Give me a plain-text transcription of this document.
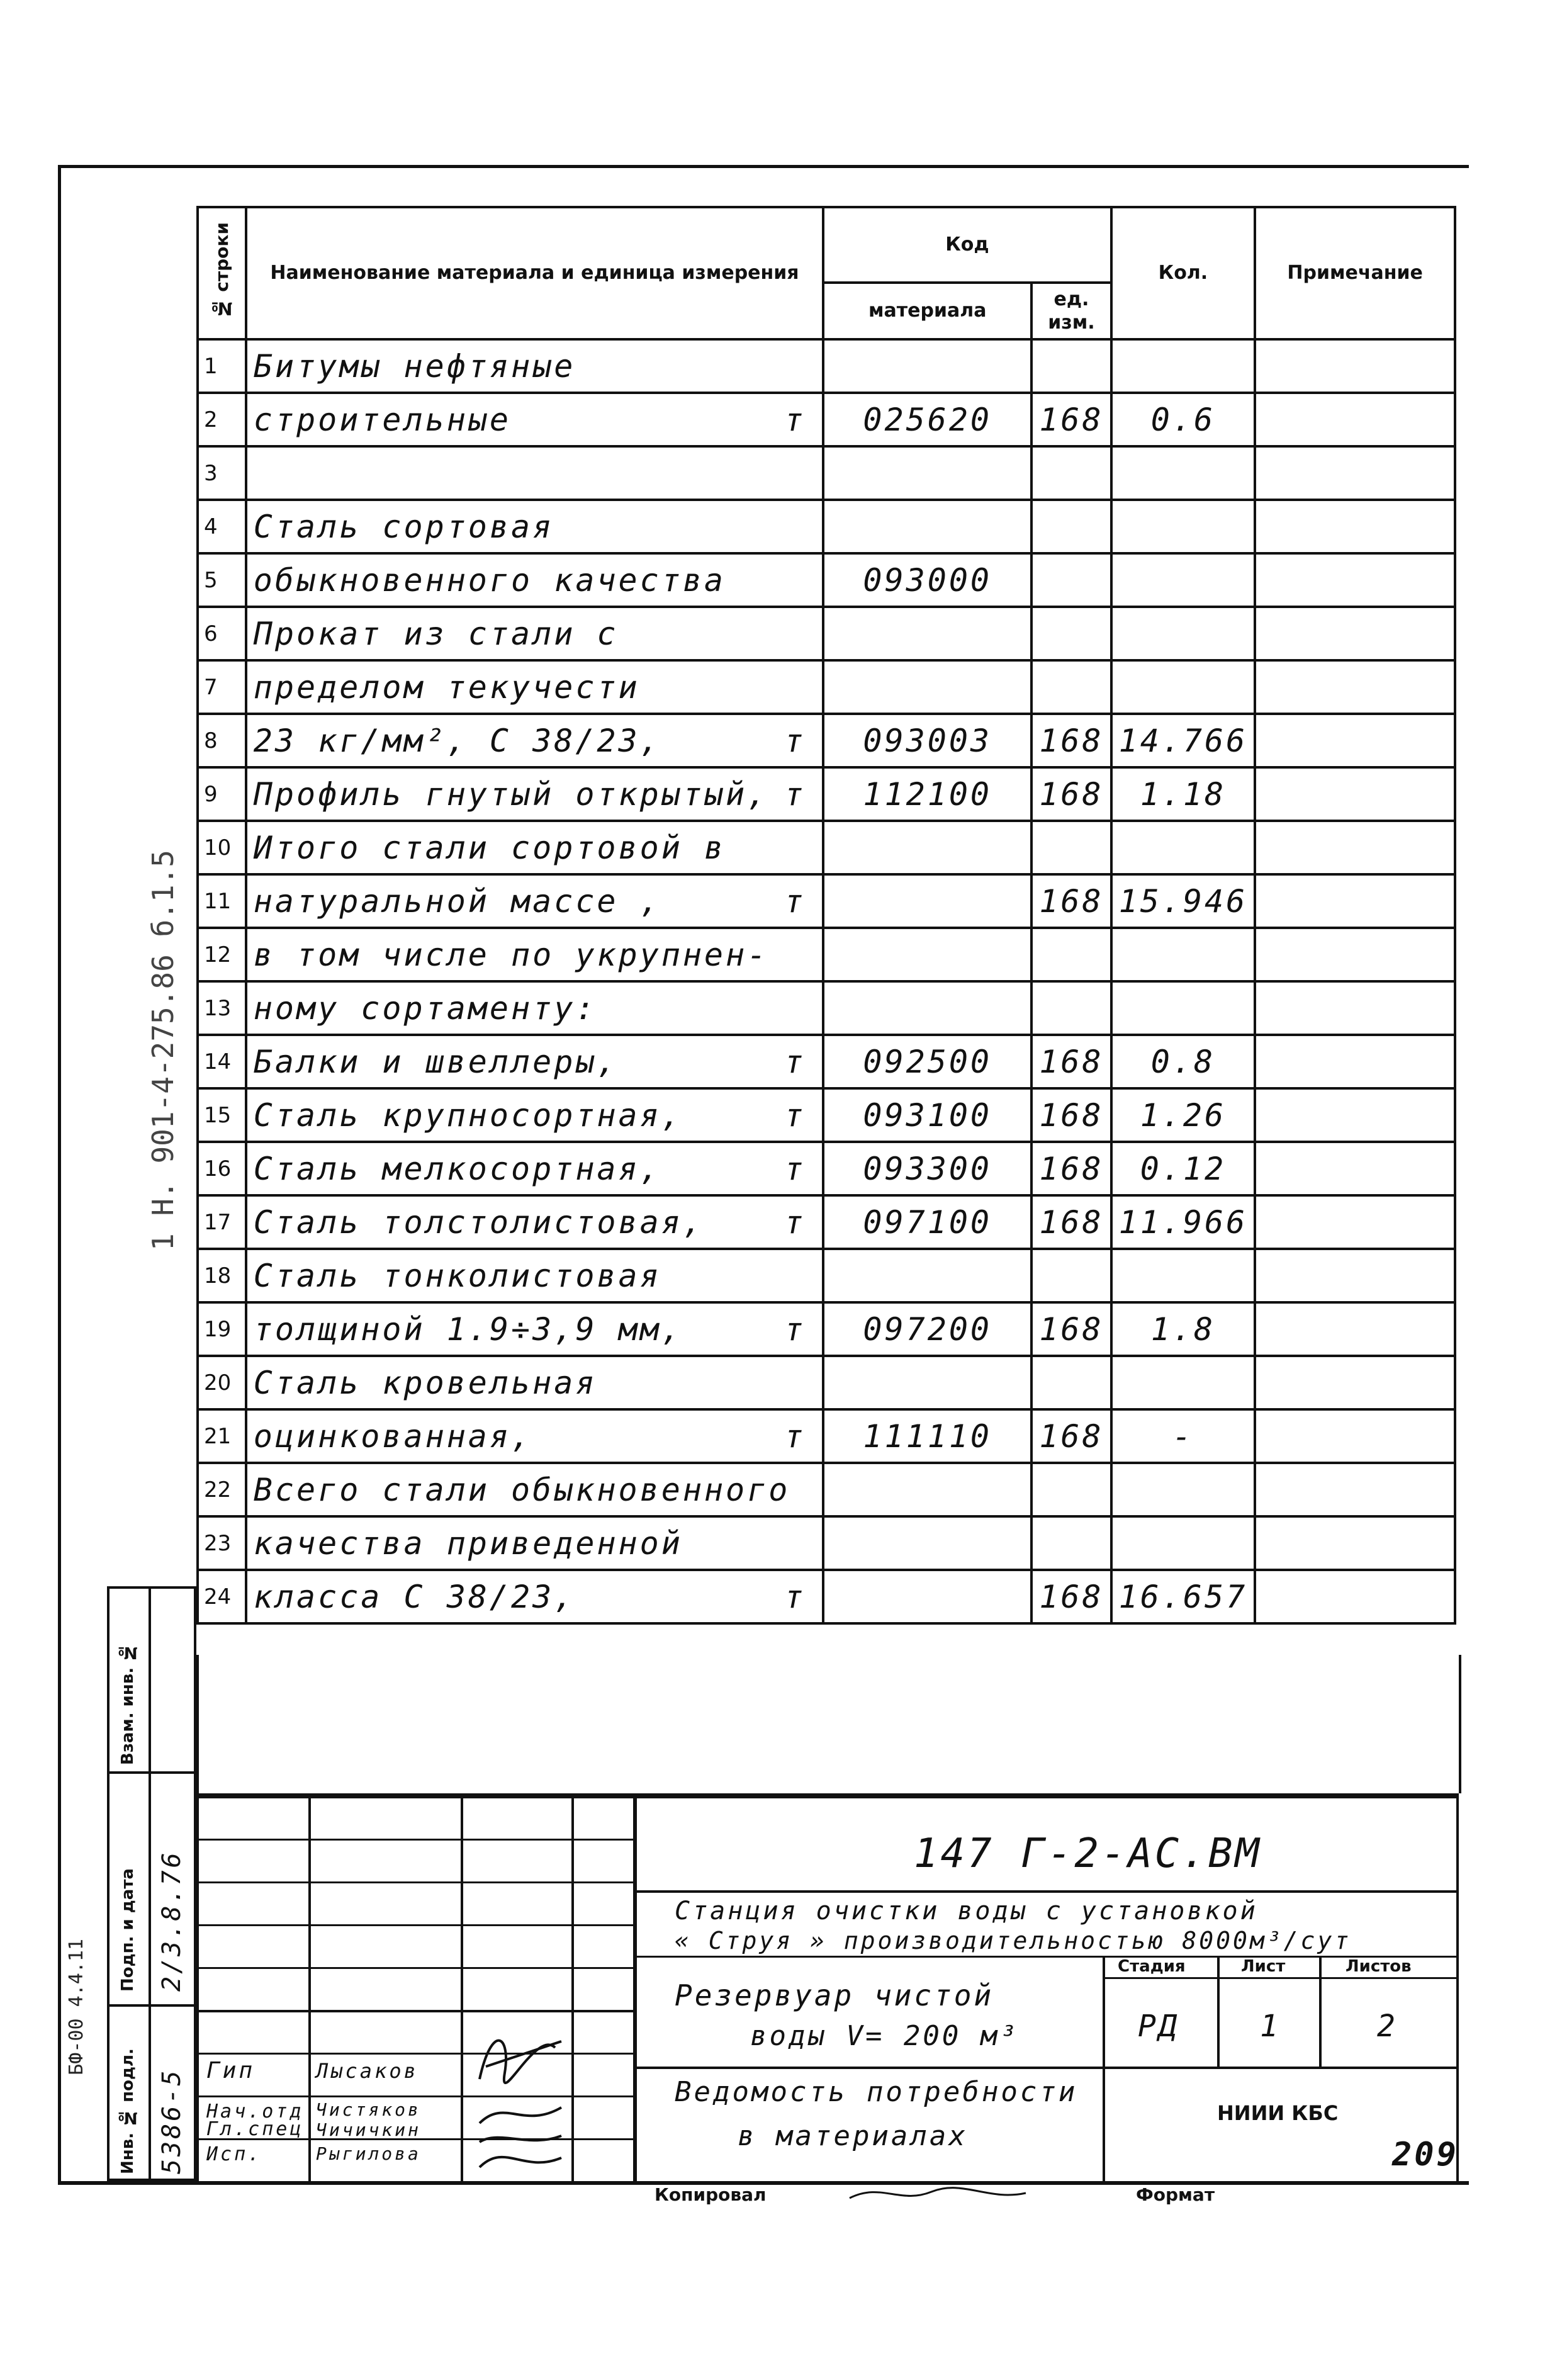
1 Н. 901-4-275.86 б.1.5
БФ-00 4.4.11
№ строки	Наименование материала и единица измерения	Код		Кол.	Примечание
		материала	ед. изм.		
1	Битумы нефтяные				

2	строительные т	025620	168	0.6	
3	

4	Сталь сортовая				

5	обыкновенного качества	093000			
6	Прокат из стали с				

7	пределом текучести				

8	23 кг/мм², С 38/23, т	093003	168	14.766	
9	Профиль гнутый открытый, т	112100	168	1.18	
10	Итого стали сортовой в				

11	натуральной массе , т		168	15.946	
12	в том числе по укрупнен-				

13	ному сортаменту:				

14	Балки и швеллеры, т	092500	168	0.8	
15	Сталь крупносортная, т	093100	168	1.26	
16	Сталь мелкосортная, т	093300	168	0.12	
17	Сталь толстолистовая, т	097100	168	11.966	
18	Сталь тонколистовая				

19	толщиной 1.9÷3,9 мм, т	097200	168	1.8	
20	Сталь кровельная				

21	оцинкованная, т	111110	168	-	
22	Всего стали обыкновенного				

23	качества приведенной				

24	класса С 38/23, т		168	16.657	
Взам. инв. №
Подп. и дата
Инв. № подл.
2/3.8.76
5386-5 Гип
Нач.отд
Гл.спец
Исп.
Лысаков
Чистяков
Чичичкин
Рыгилова
147 Г-2-АС.ВМ
Станция очистки воды с установкой
« Струя » производительностью 8000м³/сут
Резервуар чистой
воды V= 200 м³
Стадия	Лист	Листов
РД	1	2
Ведомость потребности
в материалах
НИИИ КБС
209
Копировал	Формат
